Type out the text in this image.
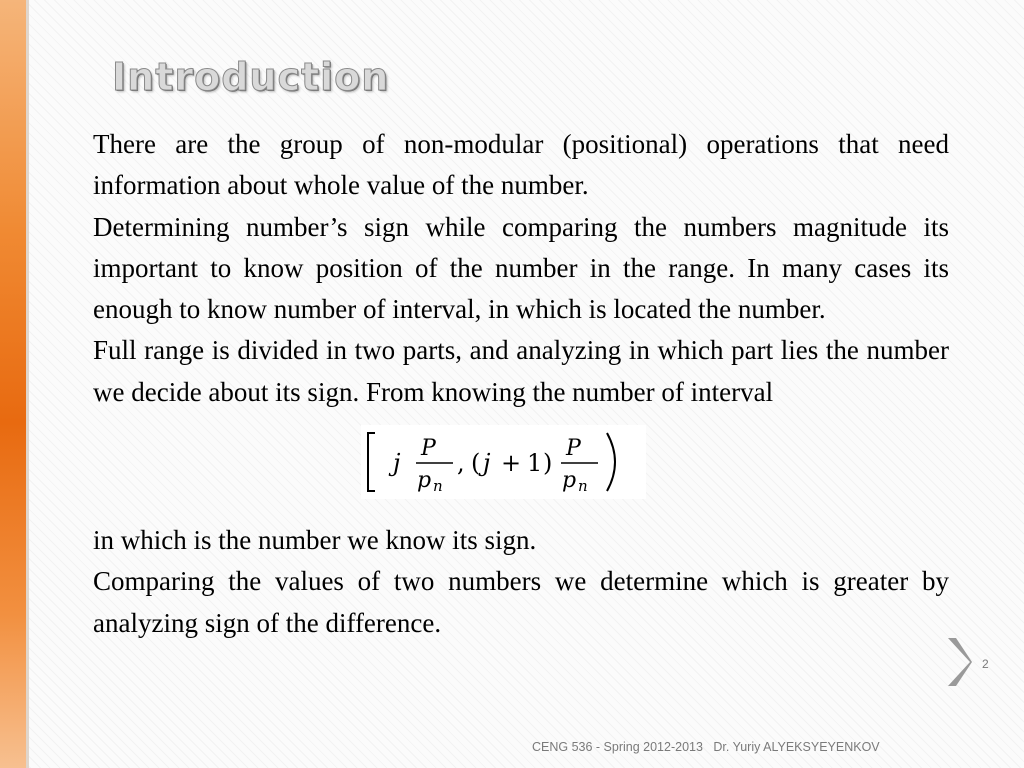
Introduction

There are the group of non-modular (positional) operations that need information about whole value of the number.

Determining number’s sign while comparing the numbers magnitude its important to know position of the number in the range. In many cases its enough to know number of interval, in which is located the number.

Full range is divided in two parts, and analyzing in which part lies the number we decide about its sign. From knowing the number of interval

j
P
p n
, ( j + 1 )
P
p n

in which is the number we know its sign.

Comparing the values of two numbers we determine which is greater by analyzing sign of the difference.

2
CENG 536 - Spring 2012-2013   Dr. Yuriy ALYEKSYEYENKOV
